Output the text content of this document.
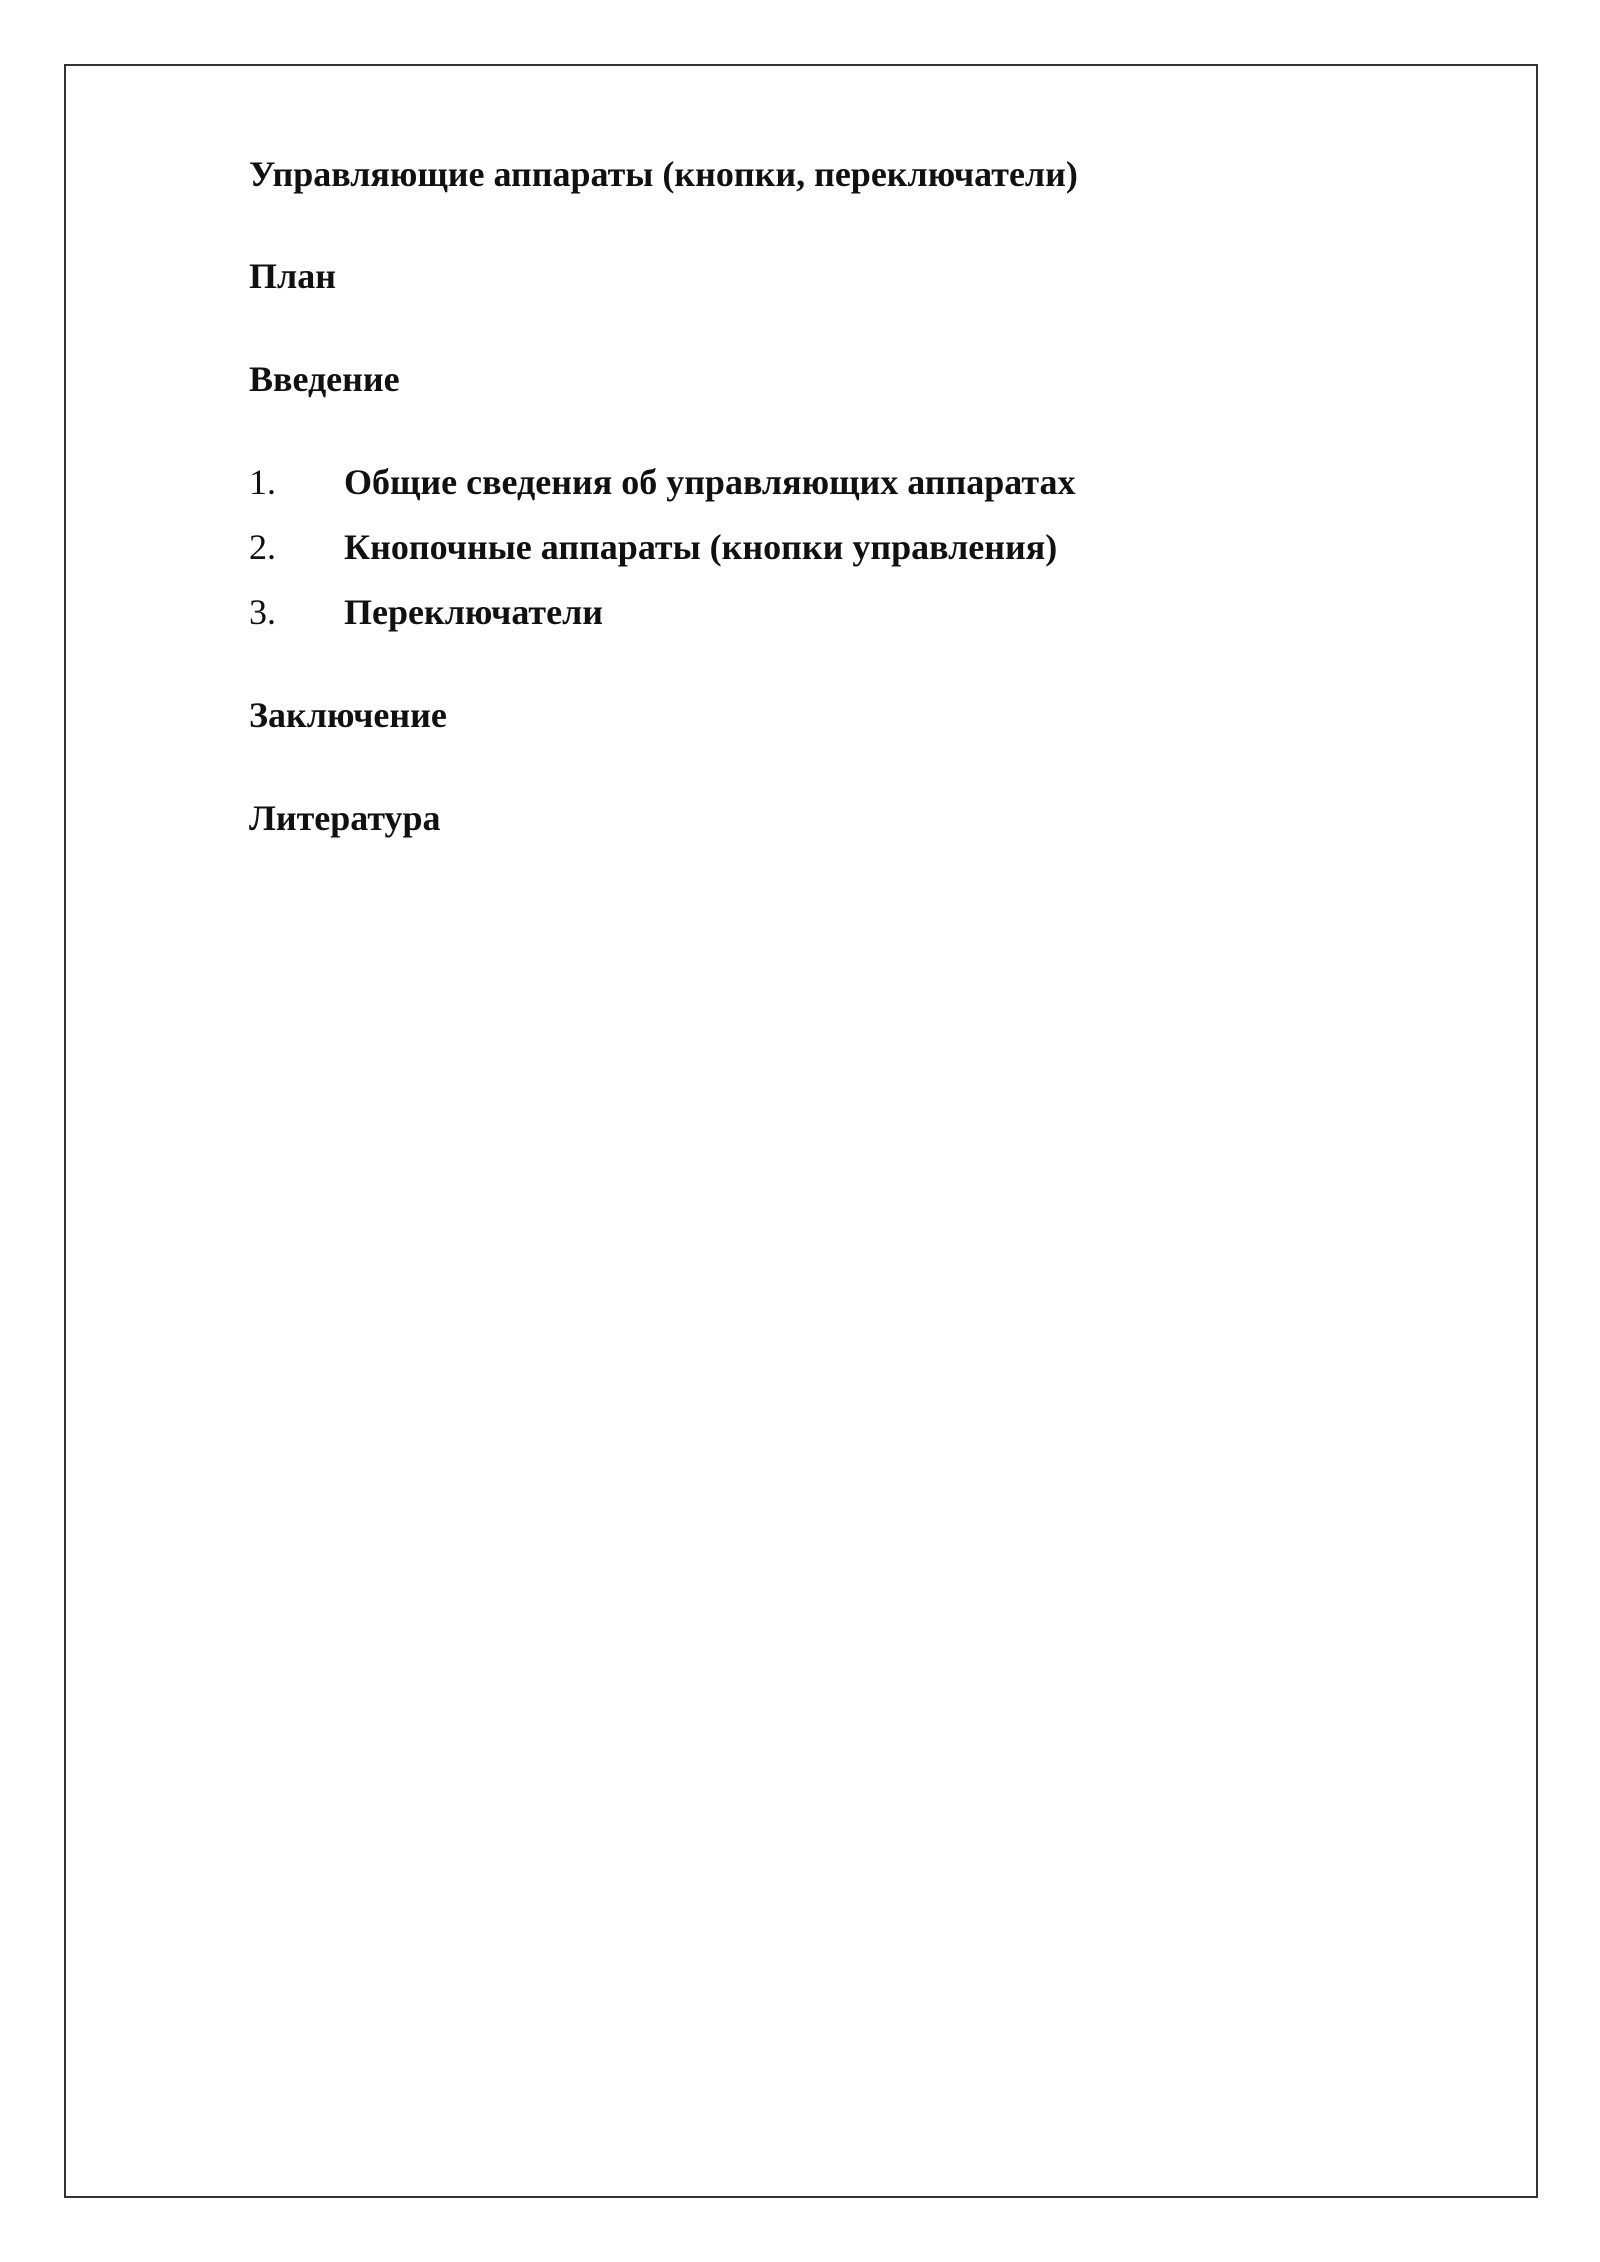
Управляющие аппараты (кнопки, переключатели)

План

Введение

1.	Общие сведения об управляющих аппаратах
2.	Кнопочные аппараты (кнопки управления)
3.	Переключатели

Заключение

Литература
